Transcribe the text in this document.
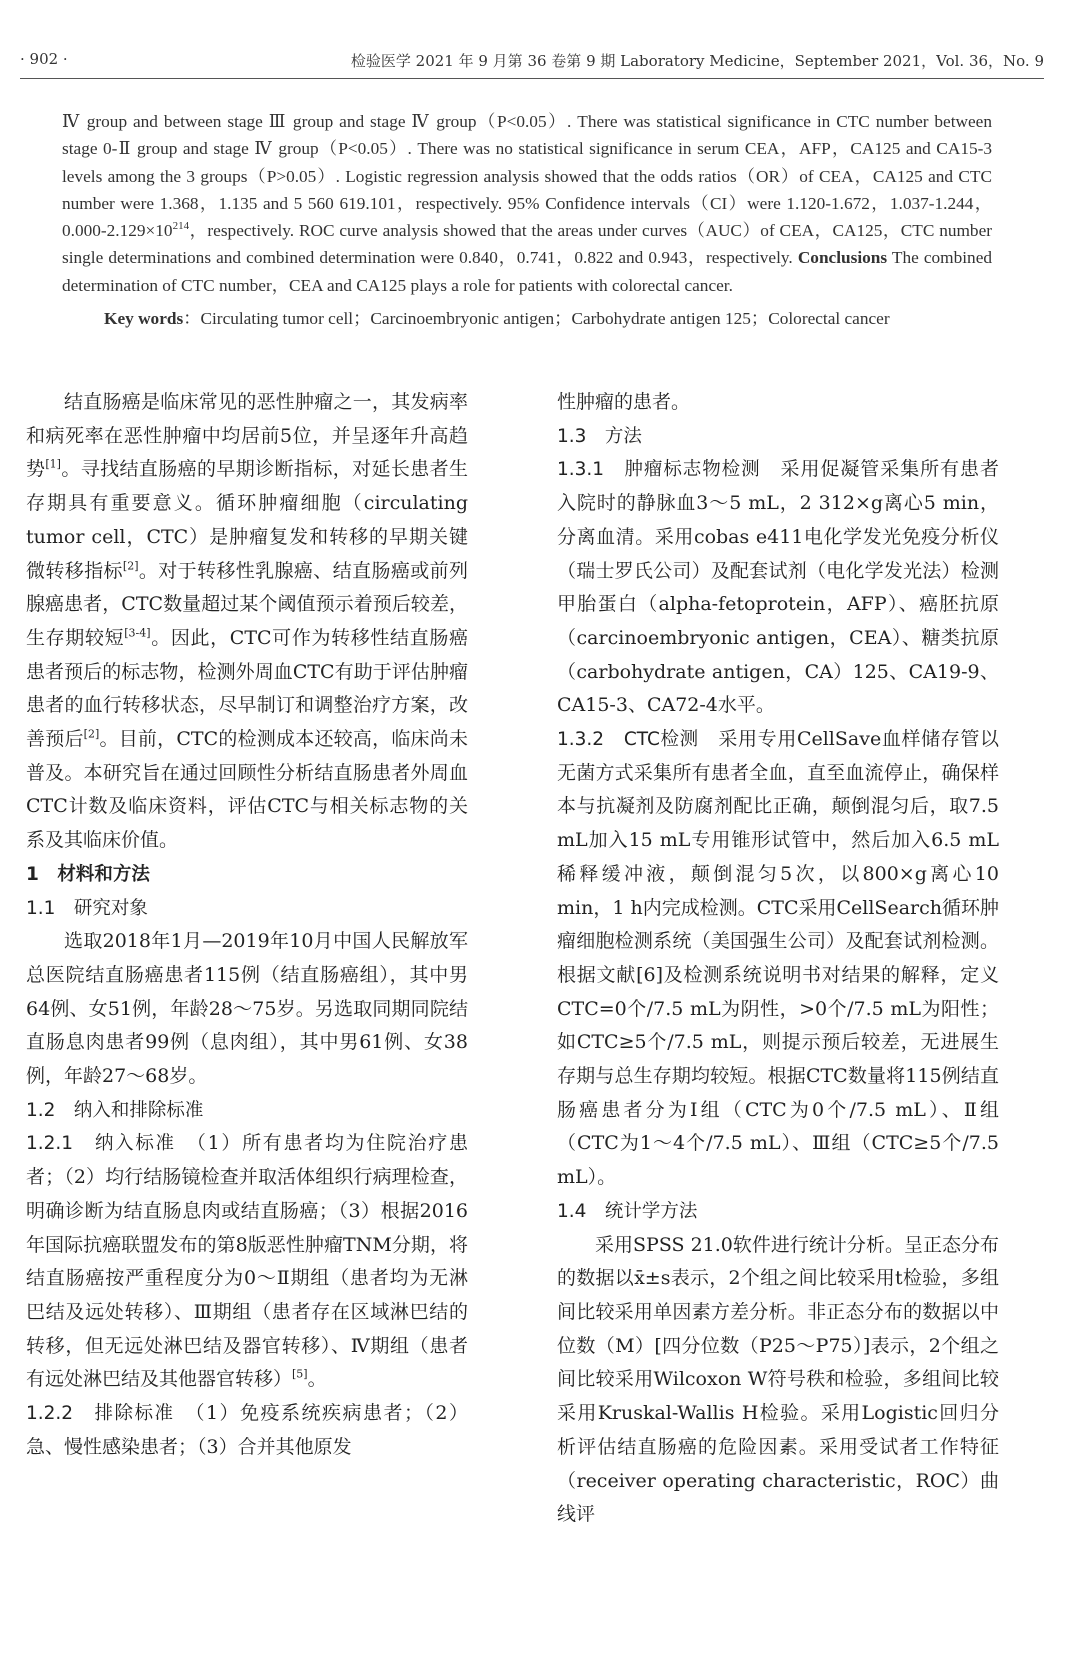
· 902 ·	检验医学 2021 年 9 月第 36 卷第 9 期 Laboratory Medicine，September 2021，Vol. 36，No. 9

Ⅳ group and between stage Ⅲ group and stage Ⅳ group（P<0.05）. There was statistical significance in CTC number between stage 0-Ⅱ group and stage Ⅳ group（P<0.05）. There was no statistical significance in serum CEA，AFP，CA125 and CA15-3 levels among the 3 groups（P>0.05）. Logistic regression analysis showed that the odds ratios（OR）of CEA，CA125 and CTC number were 1.368，1.135 and 5 560 619.101，respectively. 95% Confidence intervals（CI）were 1.120-1.672，1.037-1.244，$0.000-2.129\times 10^{214}$，respectively. ROC curve analysis showed that the areas under curves（AUC）of CEA，CA125，CTC number single determinations and combined determination were 0.840，0.741，0.822 and 0.943，respectively. Conclusions The combined determination of CTC number，CEA and CA125 plays a role for patients with colorectal cancer.

Key words：Circulating tumor cell；Carcinoembryonic antigen；Carbohydrate antigen 125；Colorectal cancer

结直肠癌是临床常见的恶性肿瘤之一，其发病率和病死率在恶性肿瘤中均居前5位，并呈逐年升高趋势[1]。寻找结直肠癌的早期诊断指标，对延长患者生存期具有重要意义。循环肿瘤细胞（circulating tumor cell，CTC）是肿瘤复发和转移的早期关键微转移指标[2]。对于转移性乳腺癌、结直肠癌或前列腺癌患者，CTC数量超过某个阈值预示着预后较差，生存期较短[3-4]。因此，CTC可作为转移性结直肠癌患者预后的标志物，检测外周血CTC有助于评估肿瘤患者的血行转移状态，尽早制订和调整治疗方案，改善预后[2]。目前，CTC的检测成本还较高，临床尚未普及。本研究旨在通过回顾性分析结直肠患者外周血CTC计数及临床资料，评估CTC与相关标志物的关系及其临床价值。

1　材料和方法

1.1　研究对象

选取2018年1月—2019年10月中国人民解放军总医院结直肠癌患者115例（结直肠癌组），其中男64例、女51例，年龄28～75岁。另选取同期同院结直肠息肉患者99例（息肉组），其中男61例、女38例，年龄27～68岁。

1.2　纳入和排除标准

1.2.1　纳入标准　 （1）所有患者均为住院治疗患者；（2）均行结肠镜检查并取活体组织行病理检查，明确诊断为结直肠息肉或结直肠癌；（3）根据2016年国际抗癌联盟发布的第8版恶性肿瘤TNM分期，将结直肠癌按严重程度分为0～Ⅱ期组（患者均为无淋巴结及远处转移）、Ⅲ期组（患者存在区域淋巴结的转移，但无远处淋巴结及器官转移）、Ⅳ期组（患者有远处淋巴结及其他器官转移）[5]。

1.2.2　排除标准　 （1）免疫系统疾病患者；（2）急、慢性感染患者；（3）合并其他原发

性肿瘤的患者。

1.3　方法

1.3.1　肿瘤标志物检测　 采用促凝管采集所有患者入院时的静脉血3～5 mL，2 312×g离心5 min，分离血清。采用cobas e411电化学发光免疫分析仪（瑞士罗氏公司）及配套试剂（电化学发光法）检测甲胎蛋白（alpha-fetoprotein，AFP）、癌胚抗原（carcinoembryonic antigen，CEA）、糖类抗原（carbohydrate antigen，CA）125、CA19-9、CA15-3、CA72-4水平。

1.3.2　CTC检测　 采用专用CellSave血样储存管以无菌方式采集所有患者全血，直至血流停止，确保样本与抗凝剂及防腐剂配比正确，颠倒混匀后，取7.5 mL加入15 mL专用锥形试管中，然后加入6.5 mL稀释缓冲液，颠倒混匀5次，以800×g离心10 min，1 h内完成检测。CTC采用CellSearch循环肿瘤细胞检测系统（美国强生公司）及配套试剂检测。根据文献[6]及检测系统说明书对结果的解释，定义CTC=0个/7.5 mL为阴性，>0个/7.5 mL为阳性；如CTC≥5个/7.5 mL，则提示预后较差，无进展生存期与总生存期均较短。根据CTC数量将115例结直肠癌患者分为Ⅰ组（CTC为0个/7.5 mL）、Ⅱ组（CTC为1～4个/7.5 mL）、Ⅲ组（CTC≥5个/7.5 mL）。

1.4　统计学方法

采用SPSS 21.0软件进行统计分析。呈正态分布的数据以x̄±s表示，2个组之间比较采用t检验，多组间比较采用单因素方差分析。非正态分布的数据以中位数（M）[四分位数（P25～P75）]表示，2个组之间比较采用Wilcoxon W符号秩和检验，多组间比较采用Kruskal-Wallis H检验。采用Logistic回归分析评估结直肠癌的危险因素。采用受试者工作特征（receiver operating characteristic，ROC）曲线评
